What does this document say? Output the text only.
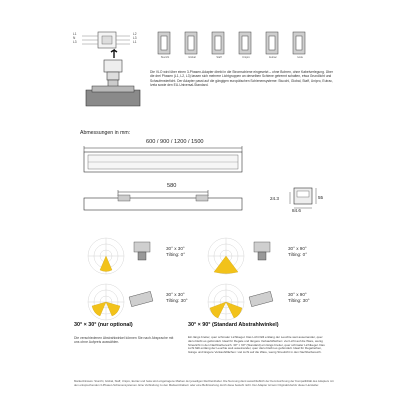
L1
N
L3
L2
L3
L1
Stucchi	Global	Staff	Unipro	Eutrac	Ivela
Die VLO wird über einen 3-Phasen-Adapter direkt in die Stromschiene eingesetzt – ohne Bohren, ohne Kabelverlegung. Über die drei Phasen (L1, L2, L3) lassen sich mehrere Lichtgruppen an derselben Schiene getrennt schalten, etwa Grundlicht und Schaufensterlicht. Der Adapter passt auf die gängigen europäischen Schienensysteme: Stucchi, Global, Staff, Unipro, Eutrac, Ivela sowie den EU-Universal-Standard.
Abmessungen in mm:
600 / 900 / 1200 / 1500
580
24.3	55
84.6
30° x 30°
Tilting: 0°
30° x 90°
Tilting: 0°
30° x 30°
Tilting: 30°
30° x 90°
Tilting: 30°
30° × 30° (nur optional)
Die verschiedenen Abstrahlwinkel können Sie nach Absprache mit uns ohne Aufpreis auswählen.
30° × 90° (Standard Abstrahlwinkel)
Ein längs breiter, quer schmaler Lichtkegel. Das Licht fällt entlang der Leuchte weit auseinander, quer dazu bleibt es gebündelt. Ideal für Regale und längere Verkaufsflächen: viel Licht auf die Ware, wenig Streulicht in den Nachbarbereich. 30° × 90° (Standard) ein längs breiter, quer schmaler Lichtkegel. Das Licht fällt entlang der Leuchte weit auseinander, quer dazu bleibt es gebündelt. Ideal für Regalreihen, Gänge und längere Verkaufsflächen: viel Licht auf die Ware, wenig Streulicht in den Nachbarbereich.
Markenhinweis: Stucchi, Global, Staff, Unipro, Eutrac und Ivela sind eingetragene Marken der jeweiligen Rechteinhaber. Die Nennung dient ausschließlich der Kennzeichnung der Kompatibilität des Adapters mit den entsprechenden 3-Phasen-Schienensystemen. Eine Verbindung zu den Markeninhabern oder eine Befürwortung durch diese besteht nicht. Der Adapter ist kein Originalzubehör dieser Hersteller.
